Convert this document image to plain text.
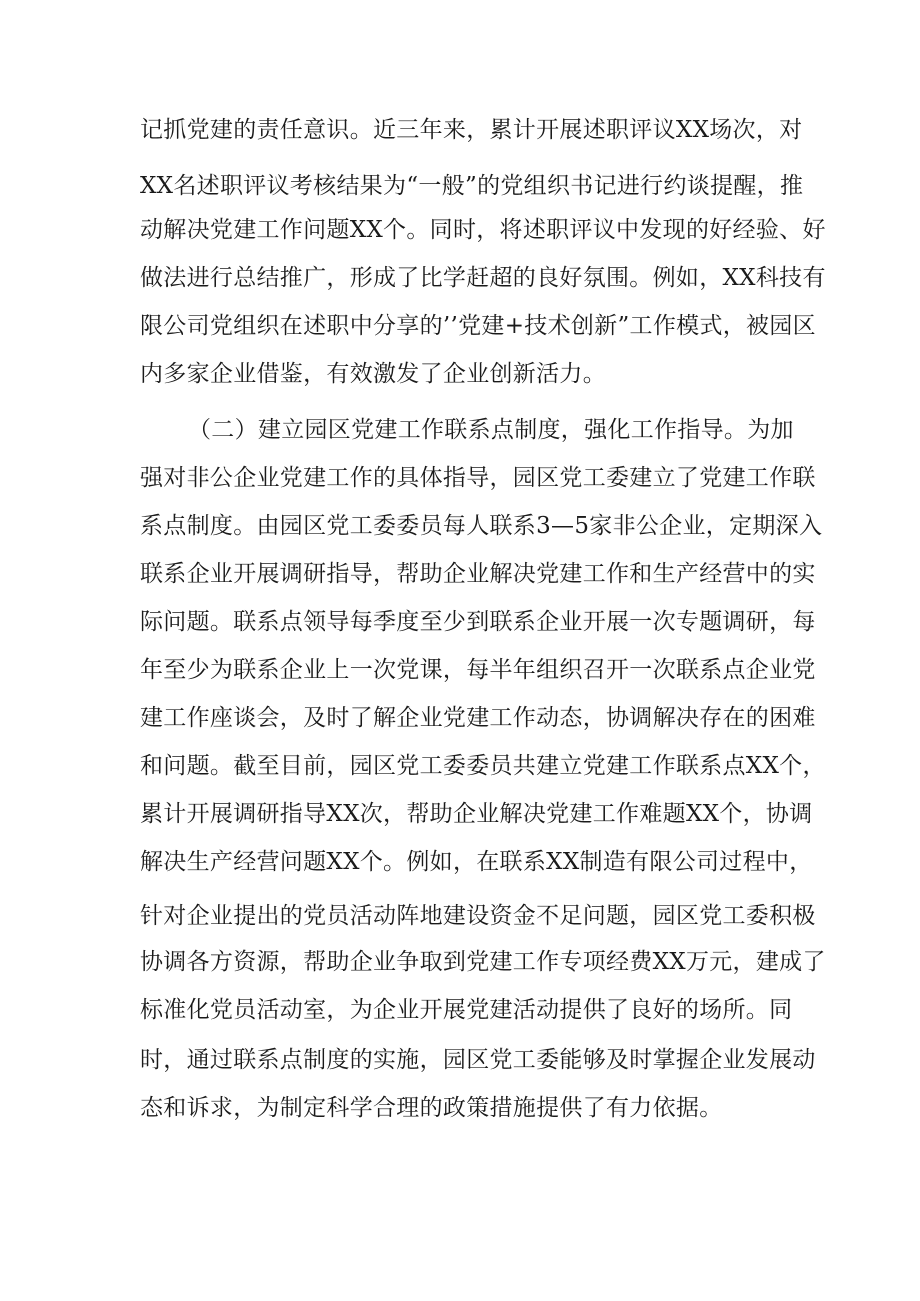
记抓党建的责任意识。近三年来，累计开展述职评议XX场次，对
XX名述职评议考核结果为“一般”的党组织书记进行约谈提醒，推
动解决党建工作问题XX个。同时，将述职评议中发现的好经验、好
做法进行总结推广，形成了比学赶超的良好氛围。例如，XX科技有
限公司党组织在述职中分享的’’党建+技术创新”工作模式，被园区
内多家企业借鉴，有效激发了企业创新活力。
（二）建立园区党建工作联系点制度，强化工作指导。为加
强对非公企业党建工作的具体指导，园区党工委建立了党建工作联
系点制度。由园区党工委委员每人联系3—5家非公企业，定期深入
联系企业开展调研指导，帮助企业解决党建工作和生产经营中的实
际问题。联系点领导每季度至少到联系企业开展一次专题调研，每
年至少为联系企业上一次党课，每半年组织召开一次联系点企业党
建工作座谈会，及时了解企业党建工作动态，协调解决存在的困难
和问题。截至目前，园区党工委委员共建立党建工作联系点XX个，
累计开展调研指导XX次，帮助企业解决党建工作难题XX个，协调
解决生产经营问题XX个。例如，在联系XX制造有限公司过程中，
针对企业提出的党员活动阵地建设资金不足问题，园区党工委积极
协调各方资源，帮助企业争取到党建工作专项经费XX万元，建成了
标准化党员活动室，为企业开展党建活动提供了良好的场所。同
时，通过联系点制度的实施，园区党工委能够及时掌握企业发展动
态和诉求，为制定科学合理的政策措施提供了有力依据。
